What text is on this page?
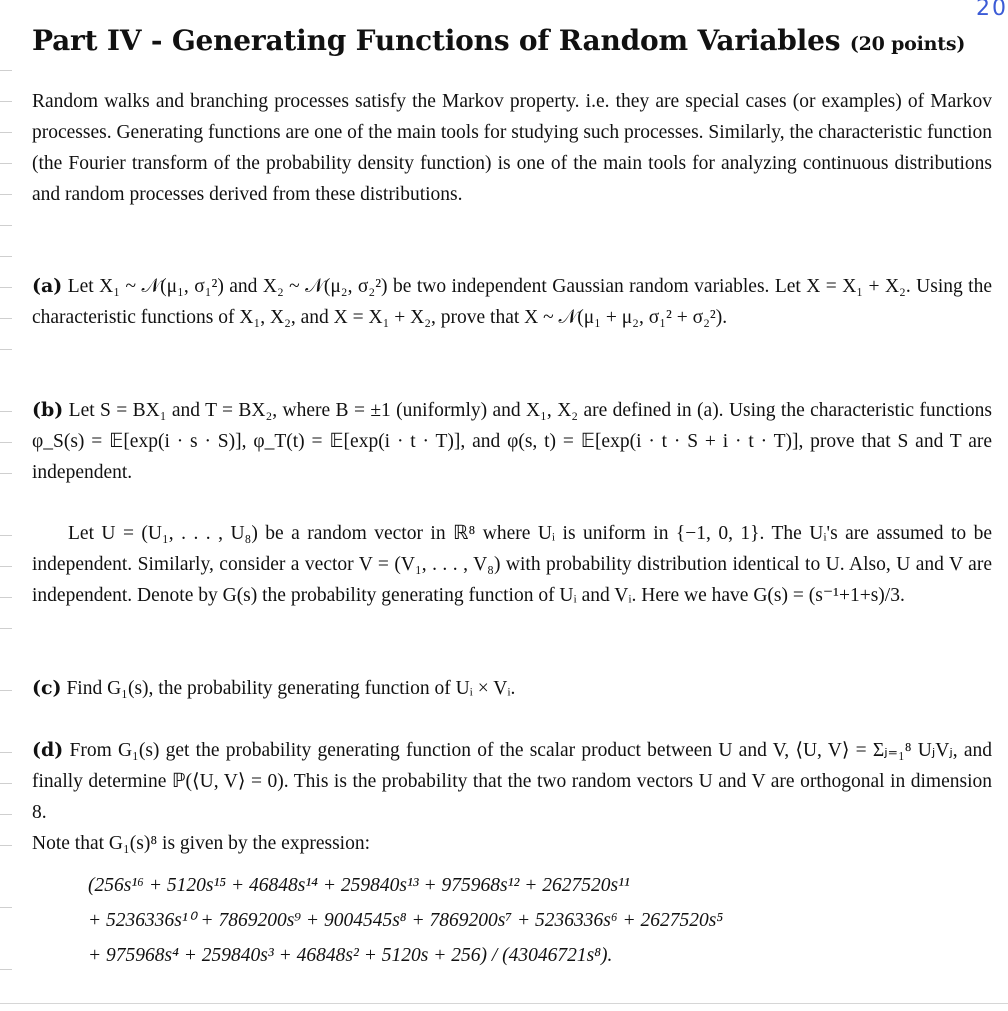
20
Part IV - Generating Functions of Random Variables (20 points)

Random walks and branching processes satisfy the Markov property. i.e. they are special cases (or examples) of Markov processes. Generating functions are one of the main tools for studying such processes. Similarly, the characteristic function (the Fourier transform of the probability density function) is one of the main tools for analyzing continuous distributions and random processes derived from these distributions.

(a) Let X₁ ~ 𝒩(μ₁, σ₁²) and X₂ ~ 𝒩(μ₂, σ₂²) be two independent Gaussian random variables. Let X = X₁ + X₂. Using the characteristic functions of X₁, X₂, and X = X₁ + X₂, prove that X ~ 𝒩(μ₁ + μ₂, σ₁² + σ₂²).

(b) Let S = BX₁ and T = BX₂, where B = ±1 (uniformly) and X₁, X₂ are defined in (a). Using the characteristic functions φ_S(s) = 𝔼[exp(i · s · S)], φ_T(t) = 𝔼[exp(i · t · T)], and φ(s, t) = 𝔼[exp(i · t · S + i · t · T)], prove that S and T are independent.

Let U = (U₁, . . . , U₈) be a random vector in ℝ⁸ where Uᵢ is uniform in {−1, 0, 1}. The Uᵢ's are assumed to be independent. Similarly, consider a vector V = (V₁, . . . , V₈) with probability distribution identical to U. Also, U and V are independent. Denote by G(s) the probability generating function of Uᵢ and Vᵢ. Here we have G(s) = (s⁻¹+1+s)/3.

(c) Find G₁(s), the probability generating function of Uᵢ × Vᵢ.

(d) From G₁(s) get the probability generating function of the scalar product between U and V, ⟨U, V⟩ = Σⱼ₌₁⁸ UⱼVⱼ, and finally determine ℙ(⟨U, V⟩ = 0). This is the probability that the two random vectors U and V are orthogonal in dimension 8.
Note that G₁(s)⁸ is given by the expression:

(256s¹⁶ + 5120s¹⁵ + 46848s¹⁴ + 259840s¹³ + 975968s¹² + 2627520s¹¹
+ 5236336s¹⁰ + 7869200s⁹ + 9004545s⁸ + 7869200s⁷ + 5236336s⁶ + 2627520s⁵
+ 975968s⁴ + 259840s³ + 46848s² + 5120s + 256) / (43046721s⁸).
